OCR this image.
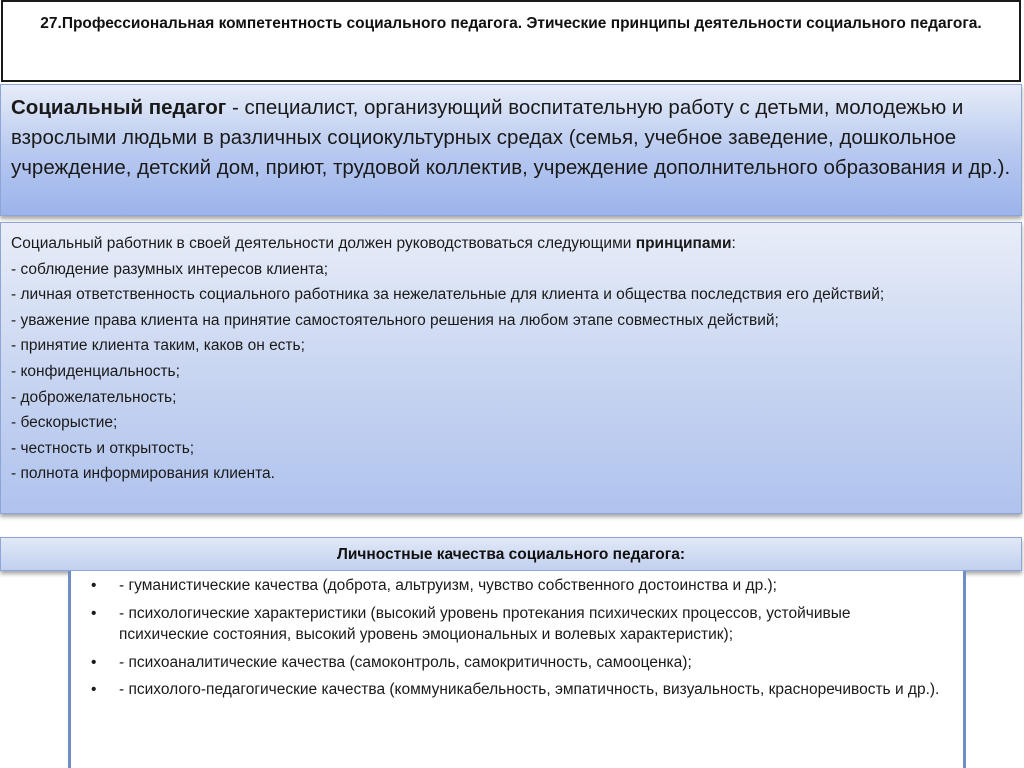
27.Профессиональная компетентность социального педагога. Этические принципы деятельности социального педагога.
Социальный педагог - специалист, организующий воспитательную работу с детьми, молодежью и взрослыми людьми в различных социокультурных средах (семья, учебное заведение, дошкольное учреждение, детский дом, приют, трудовой коллектив, учреждение дополнительного образования и др.).
Социальный работник в своей деятельности должен руководствоваться следующими принципами:
- соблюдение разумных интересов клиента;
- личная ответственность социального работника за нежелательные для клиента и общества последствия его действий;
- уважение права клиента на принятие самостоятельного решения на любом этапе совместных действий;
- принятие клиента таким, каков он есть;
- конфиденциальность;
- доброжелательность;
- бескорыстие;
- честность и открытость;
- полнота информирования клиента.
Личностные качества социального педагога:
• - гуманистические качества (доброта, альтруизм, чувство собственного достоинства и др.);
• - психологические характеристики (высокий уровень протекания психических процессов, устойчивые психические состояния, высокий уровень эмоциональных и волевых характеристик);
• - психоаналитические качества (самоконтроль, самокритичность, самооценка);
• - психолого-педагогические качества (коммуникабельность, эмпатичность, визуальность, красноречивость и др.).
